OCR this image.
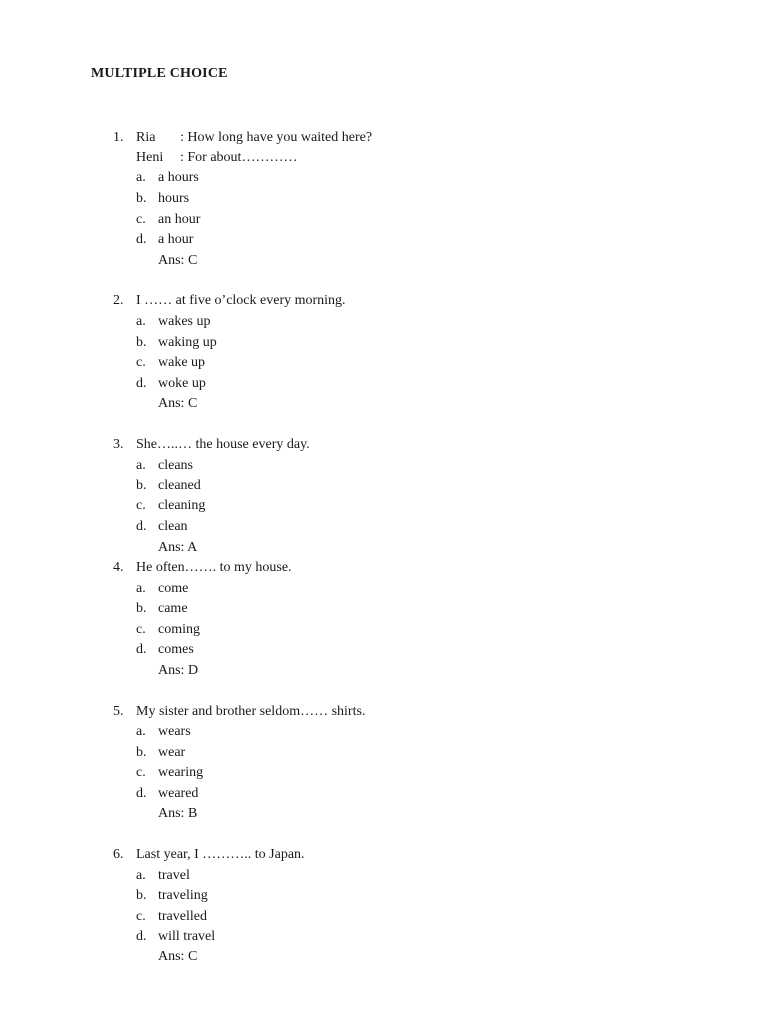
MULTIPLE CHOICE
1. Ria : How long have you waited here?
Heni : For about…………
a. a hours
b. hours
c. an hour
d. a hour
Ans: C
2. I …… at five o’clock every morning.
a. wakes up
b. waking up
c. wake up
d. woke up
Ans: C
3. She…..… the house every day.
a. cleans
b. cleaned
c. cleaning
d. clean
Ans: A
4. He often……. to my house.
a. come
b. came
c. coming
d. comes
Ans: D
5. My sister and brother seldom…… shirts.
a. wears
b. wear
c. wearing
d. weared
Ans: B
6. Last year, I ……….. to Japan.
a. travel
b. traveling
c. travelled
d. will travel
Ans: C
